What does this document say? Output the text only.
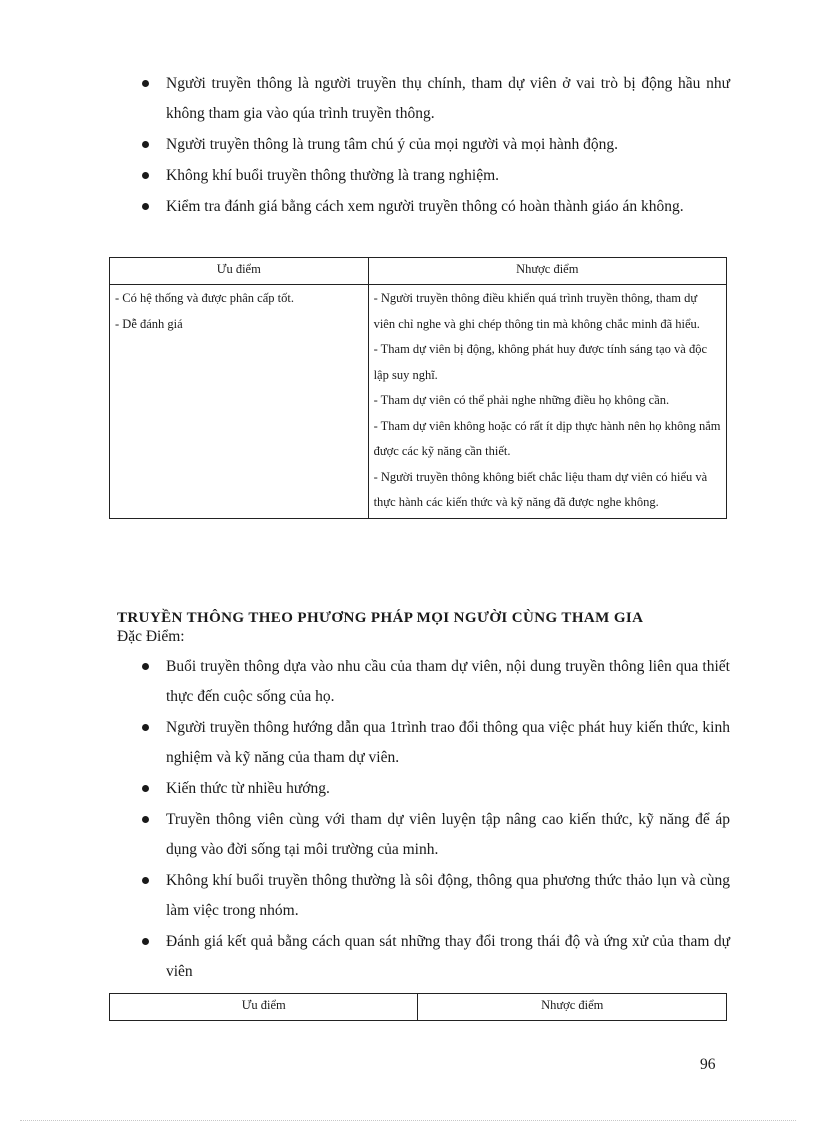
Người truyền thông là người truyền thụ chính, tham dự viên ở vai trò bị động hầu như không tham gia vào qúa trình truyền thông.
Người truyền thông là trung tâm chú ý của mọi người và mọi hành động.
Không khí buổi truyền thông thường là trang nghiệm.
Kiểm tra đánh giá bằng cách xem người truyền thông có hoàn thành giáo án không.
Ưu điểm	Nhược điểm

- Có hệ thống và được phân cấp tốt.
- Dễ đánh giá	- Người truyền thông điều khiển quá trình truyền thông, tham dự viên chỉ nghe và ghi chép thông tin mà không chắc minh đã hiểu.
- Tham dự viên bị động, không phát huy được tính sáng tạo và độc lập suy nghĩ.
- Tham dự viên có thể phải nghe những điều họ không cần.
- Tham dự viên không hoặc có rất ít dịp thực hành nên họ không nắm được các kỹ năng cần thiết.
- Người truyền thông không biết chắc liệu tham dự viên có hiểu và thực hành các kiến thức và kỹ năng đã được nghe không.
TRUYỀN THÔNG THEO PHƯƠNG PHÁP MỌI NGƯỜI CÙNG THAM GIA
Đặc Điểm:
Buổi truyền thông dựa vào nhu cầu của tham dự viên, nội dung truyền thông liên qua thiết thực đến cuộc sống của họ.
Người truyền thông hướng dẫn qua 1trình trao đổi thông qua việc phát huy kiến thức, kinh nghiệm và kỹ năng của tham dự viên.
Kiến thức từ nhiều hướng.
Truyền thông viên cùng với tham dự viên luyện tập nâng cao kiến thức, kỹ năng để áp dụng vào đời sống tại môi trường của minh.
Không khí buổi truyền thông thường là sôi động, thông qua phương thức thảo lụn và cùng làm việc trong nhóm.
Đánh giá kết quả bằng cách quan sát những thay đổi trong thái độ và ứng xử của tham dự viên
Ưu điểm	Nhược điểm
96
